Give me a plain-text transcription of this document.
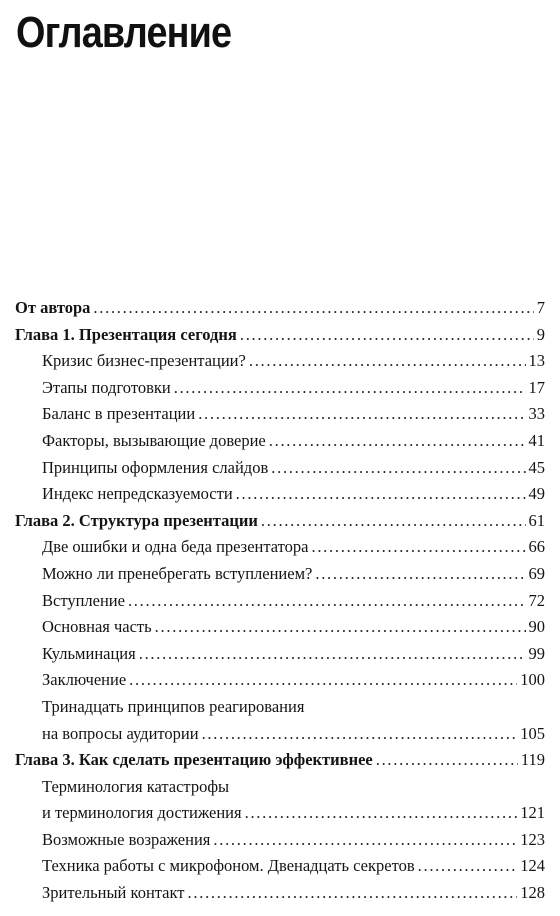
Оглавление
От автора . . .	7
Глава 1. Презентация сегодня . . .	9
Кризис бизнес-презентации? . . .	13
Этапы подготовки . . .	17
Баланс в презентации . . .	33
Факторы, вызывающие доверие . . .	41
Принципы оформления слайдов . . .	45
Индекс непредсказуемости . . .	49
Глава 2. Структура презентации . . .	61
Две ошибки и одна беда презентатора . . .	66
Можно ли пренебрегать вступлением? . . .	69
Вступление . . .	72
Основная часть . . .	90
Кульминация . . .	99
Заключение . . .	100
Тринадцать принципов реагирования
на вопросы аудитории . . .	105
Глава 3. Как сделать презентацию эффективнее . . .	119
Терминология катастрофы
и терминология достижения . . .	121
Возможные возражения . . .	123
Техника работы с микрофоном. Двенадцать секретов . . .	124
Зрительный контакт . . .	128
